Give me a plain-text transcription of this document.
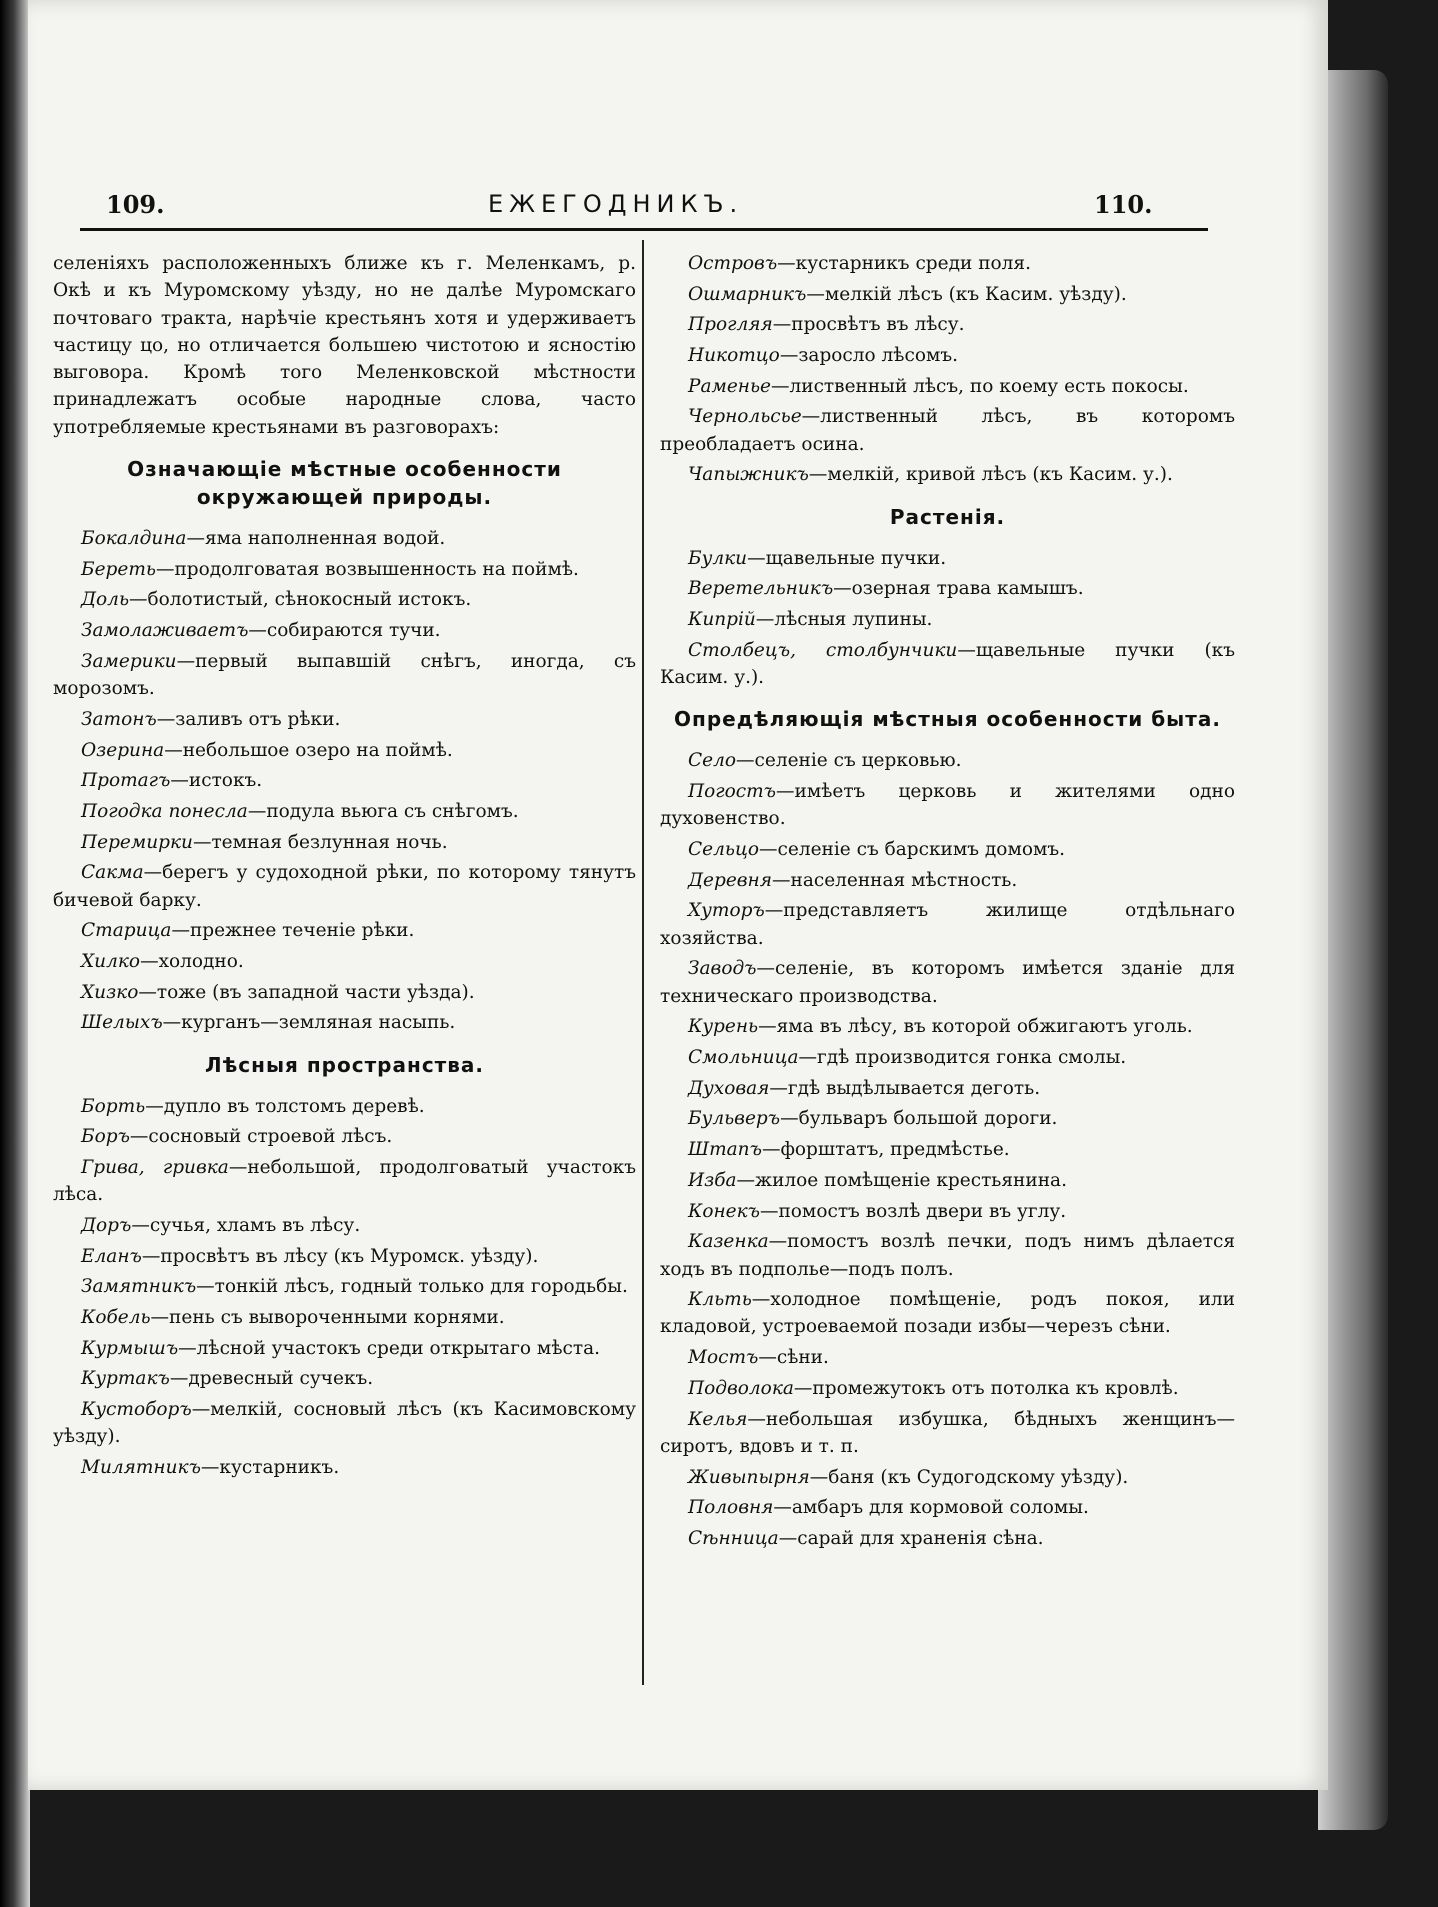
109.	ЕЖЕГОДНИКЪ.	110.

селеніяхъ расположенныхъ ближе къ г. Меленкамъ, р. Окѣ и къ Муромскому уѣзду, но не далѣе Муромскаго почтоваго тракта, нарѣчіе крестьянъ хотя и удерживаетъ частицу цо, но отличается большею чистотою и ясностію выговора. Кромѣ того Меленковской мѣстности принадлежатъ особые народные слова, часто употребляемые крестьянами въ разговорахъ:

Означающіе мѣстные особенности окружающей природы.

Бокалдина—яма наполненная водой.

Береть—продолговатая возвышенность на поймѣ.

Доль—болотистый, сѣнокосный истокъ.

Замолаживаетъ—собираются тучи.

Замерики—первый выпавшій снѣгъ, иногда, съ морозомъ.

Затонъ—заливъ отъ рѣки.

Озерина—небольшое озеро на поймѣ.

Протагъ—истокъ.

Погодка понесла—подула вьюга съ снѣгомъ.

Перемирки—темная безлунная ночь.

Сакма—берегъ у судоходной рѣки, по которому тянутъ бичевой барку.

Старица—прежнее теченіе рѣки.

Хилко—холодно.

Хизко—тоже (въ западной части уѣзда).

Шелыхъ—курганъ—земляная насыпь.

Лѣсныя пространства.

Борть—дупло въ толстомъ деревѣ.

Боръ—сосновый строевой лѣсъ.

Грива, гривка—небольшой, продолговатый участокъ лѣса.

Доръ—сучья, хламъ въ лѣсу.

Еланъ—просвѣтъ въ лѣсу (къ Муромск. уѣзду).

Замятникъ—тонкій лѣсъ, годный только для городьбы.

Кобель—пень съ вывороченными корнями.

Курмышъ—лѣсной участокъ среди открытаго мѣста.

Куртакъ—древесный сучекъ.

Кустоборъ—мелкій, сосновый лѣсъ (къ Касимовскому уѣзду).

Милятникъ—кустарникъ.

Островъ—кустарникъ среди поля.

Ошмарникъ—мелкій лѣсъ (къ Касим. уѣзду).

Прогляя—просвѣтъ въ лѣсу.

Никотцо—заросло лѣсомъ.

Раменье—лиственный лѣсъ, по коему есть покосы.

Чернольсье—лиственный лѣсъ, въ которомъ преобладаетъ осина.

Чапыжникъ—мелкій, кривой лѣсъ (къ Касим. у.).

Растенія.

Булки—щавельные пучки.

Веретельникъ—озерная трава камышъ.

Кипрій—лѣсныя лупины.

Столбецъ, столбунчики—щавельные пучки (къ Касим. у.).

Опредѣляющія мѣстныя особенности быта.

Село—селеніе съ церковью.

Погостъ—имѣетъ церковь и жителями одно духовенство.

Сельцо—селеніе съ барскимъ домомъ.

Деревня—населенная мѣстность.

Хуторъ—представляетъ жилище отдѣльнаго хозяйства.

Заводъ—селеніе, въ которомъ имѣется зданіе для техническаго производства.

Курень—яма въ лѣсу, въ которой обжигаютъ уголь.

Смольница—гдѣ производится гонка смолы.

Духовая—гдѣ выдѣлывается деготь.

Бульверъ—бульваръ большой дороги.

Штапъ—форштатъ, предмѣстье.

Изба—жилое помѣщеніе крестьянина.

Конекъ—помостъ возлѣ двери въ углу.

Казенка—помостъ возлѣ печки, подъ нимъ дѣлается ходъ въ подполье—подъ полъ.

Кльть—холодное помѣщеніе, родъ покоя, или кладовой, устроеваемой позади избы—черезъ сѣни.

Мостъ—сѣни.

Подволока—промежутокъ отъ потолка къ кровлѣ.

Келья—небольшая избушка, бѣдныхъ женщинъ—сиротъ, вдовъ и т. п.

Живыпырня—баня (къ Судогодскому уѣзду).

Половня—амбаръ для кормовой соломы.

Сѣнница—сарай для храненія сѣна.
